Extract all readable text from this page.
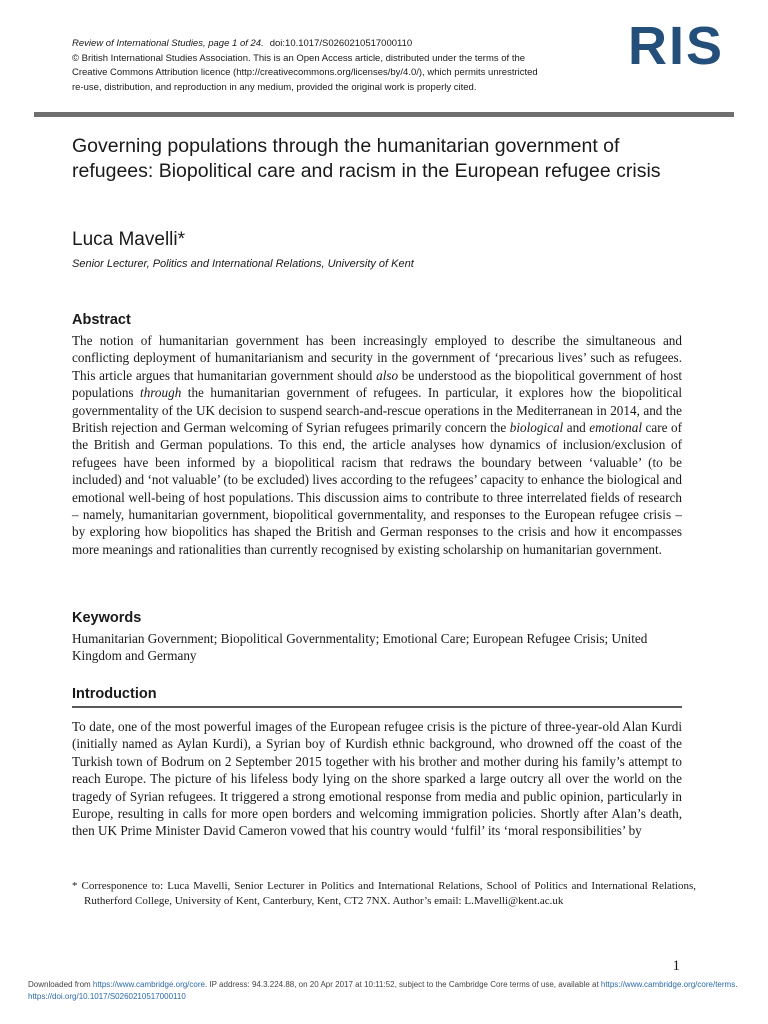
Review of International Studies, page 1 of 24. doi:10.1017/S0260210517000110
© British International Studies Association. This is an Open Access article, distributed under the terms of the
Creative Commons Attribution licence (http://creativecommons.org/licenses/by/4.0/), which permits unrestricted
re-use, distribution, and reproduction in any medium, provided the original work is properly cited.
RIS
Governing populations through the humanitarian government of refugees: Biopolitical care and racism in the European refugee crisis
Luca Mavelli*
Senior Lecturer, Politics and International Relations, University of Kent
Abstract
The notion of humanitarian government has been increasingly employed to describe the simultaneous and conflicting deployment of humanitarianism and security in the government of ‘precarious lives’ such as refugees. This article argues that humanitarian government should also be understood as the biopolitical government of host populations through the humanitarian government of refugees. In particular, it explores how the biopolitical governmentality of the UK decision to suspend search-and-rescue operations in the Mediterranean in 2014, and the British rejection and German welcoming of Syrian refugees primarily concern the biological and emotional care of the British and German populations. To this end, the article analyses how dynamics of inclusion/exclusion of refugees have been informed by a biopolitical racism that redraws the boundary between ‘valuable’ (to be included) and ‘not valuable’ (to be excluded) lives according to the refugees’ capacity to enhance the biological and emotional well-being of host populations. This discussion aims to contribute to three interrelated fields of research – namely, humanitarian government, biopolitical governmentality, and responses to the European refugee crisis – by exploring how biopolitics has shaped the British and German responses to the crisis and how it encompasses more meanings and rationalities than currently recognised by existing scholarship on humanitarian government.
Keywords
Humanitarian Government; Biopolitical Governmentality; Emotional Care; European Refugee Crisis; United Kingdom and Germany
Introduction
To date, one of the most powerful images of the European refugee crisis is the picture of three-year-old Alan Kurdi (initially named as Aylan Kurdi), a Syrian boy of Kurdish ethnic background, who drowned off the coast of the Turkish town of Bodrum on 2 September 2015 together with his brother and mother during his family’s attempt to reach Europe. The picture of his lifeless body lying on the shore sparked a large outcry all over the world on the tragedy of Syrian refugees. It triggered a strong emotional response from media and public opinion, particularly in Europe, resulting in calls for more open borders and welcoming immigration policies. Shortly after Alan’s death, then UK Prime Minister David Cameron vowed that his country would ‘fulfil’ its ‘moral responsibilities’ by
* Corresponence to: Luca Mavelli, Senior Lecturer in Politics and International Relations, School of Politics and International Relations, Rutherford College, University of Kent, Canterbury, Kent, CT2 7NX. Author’s email: L.Mavelli@kent.ac.uk
1
Downloaded from https://www.cambridge.org/core. IP address: 94.3.224.88, on 20 Apr 2017 at 10:11:52, subject to the Cambridge Core terms of use, available at https://www.cambridge.org/core/terms. https://doi.org/10.1017/S0260210517000110
